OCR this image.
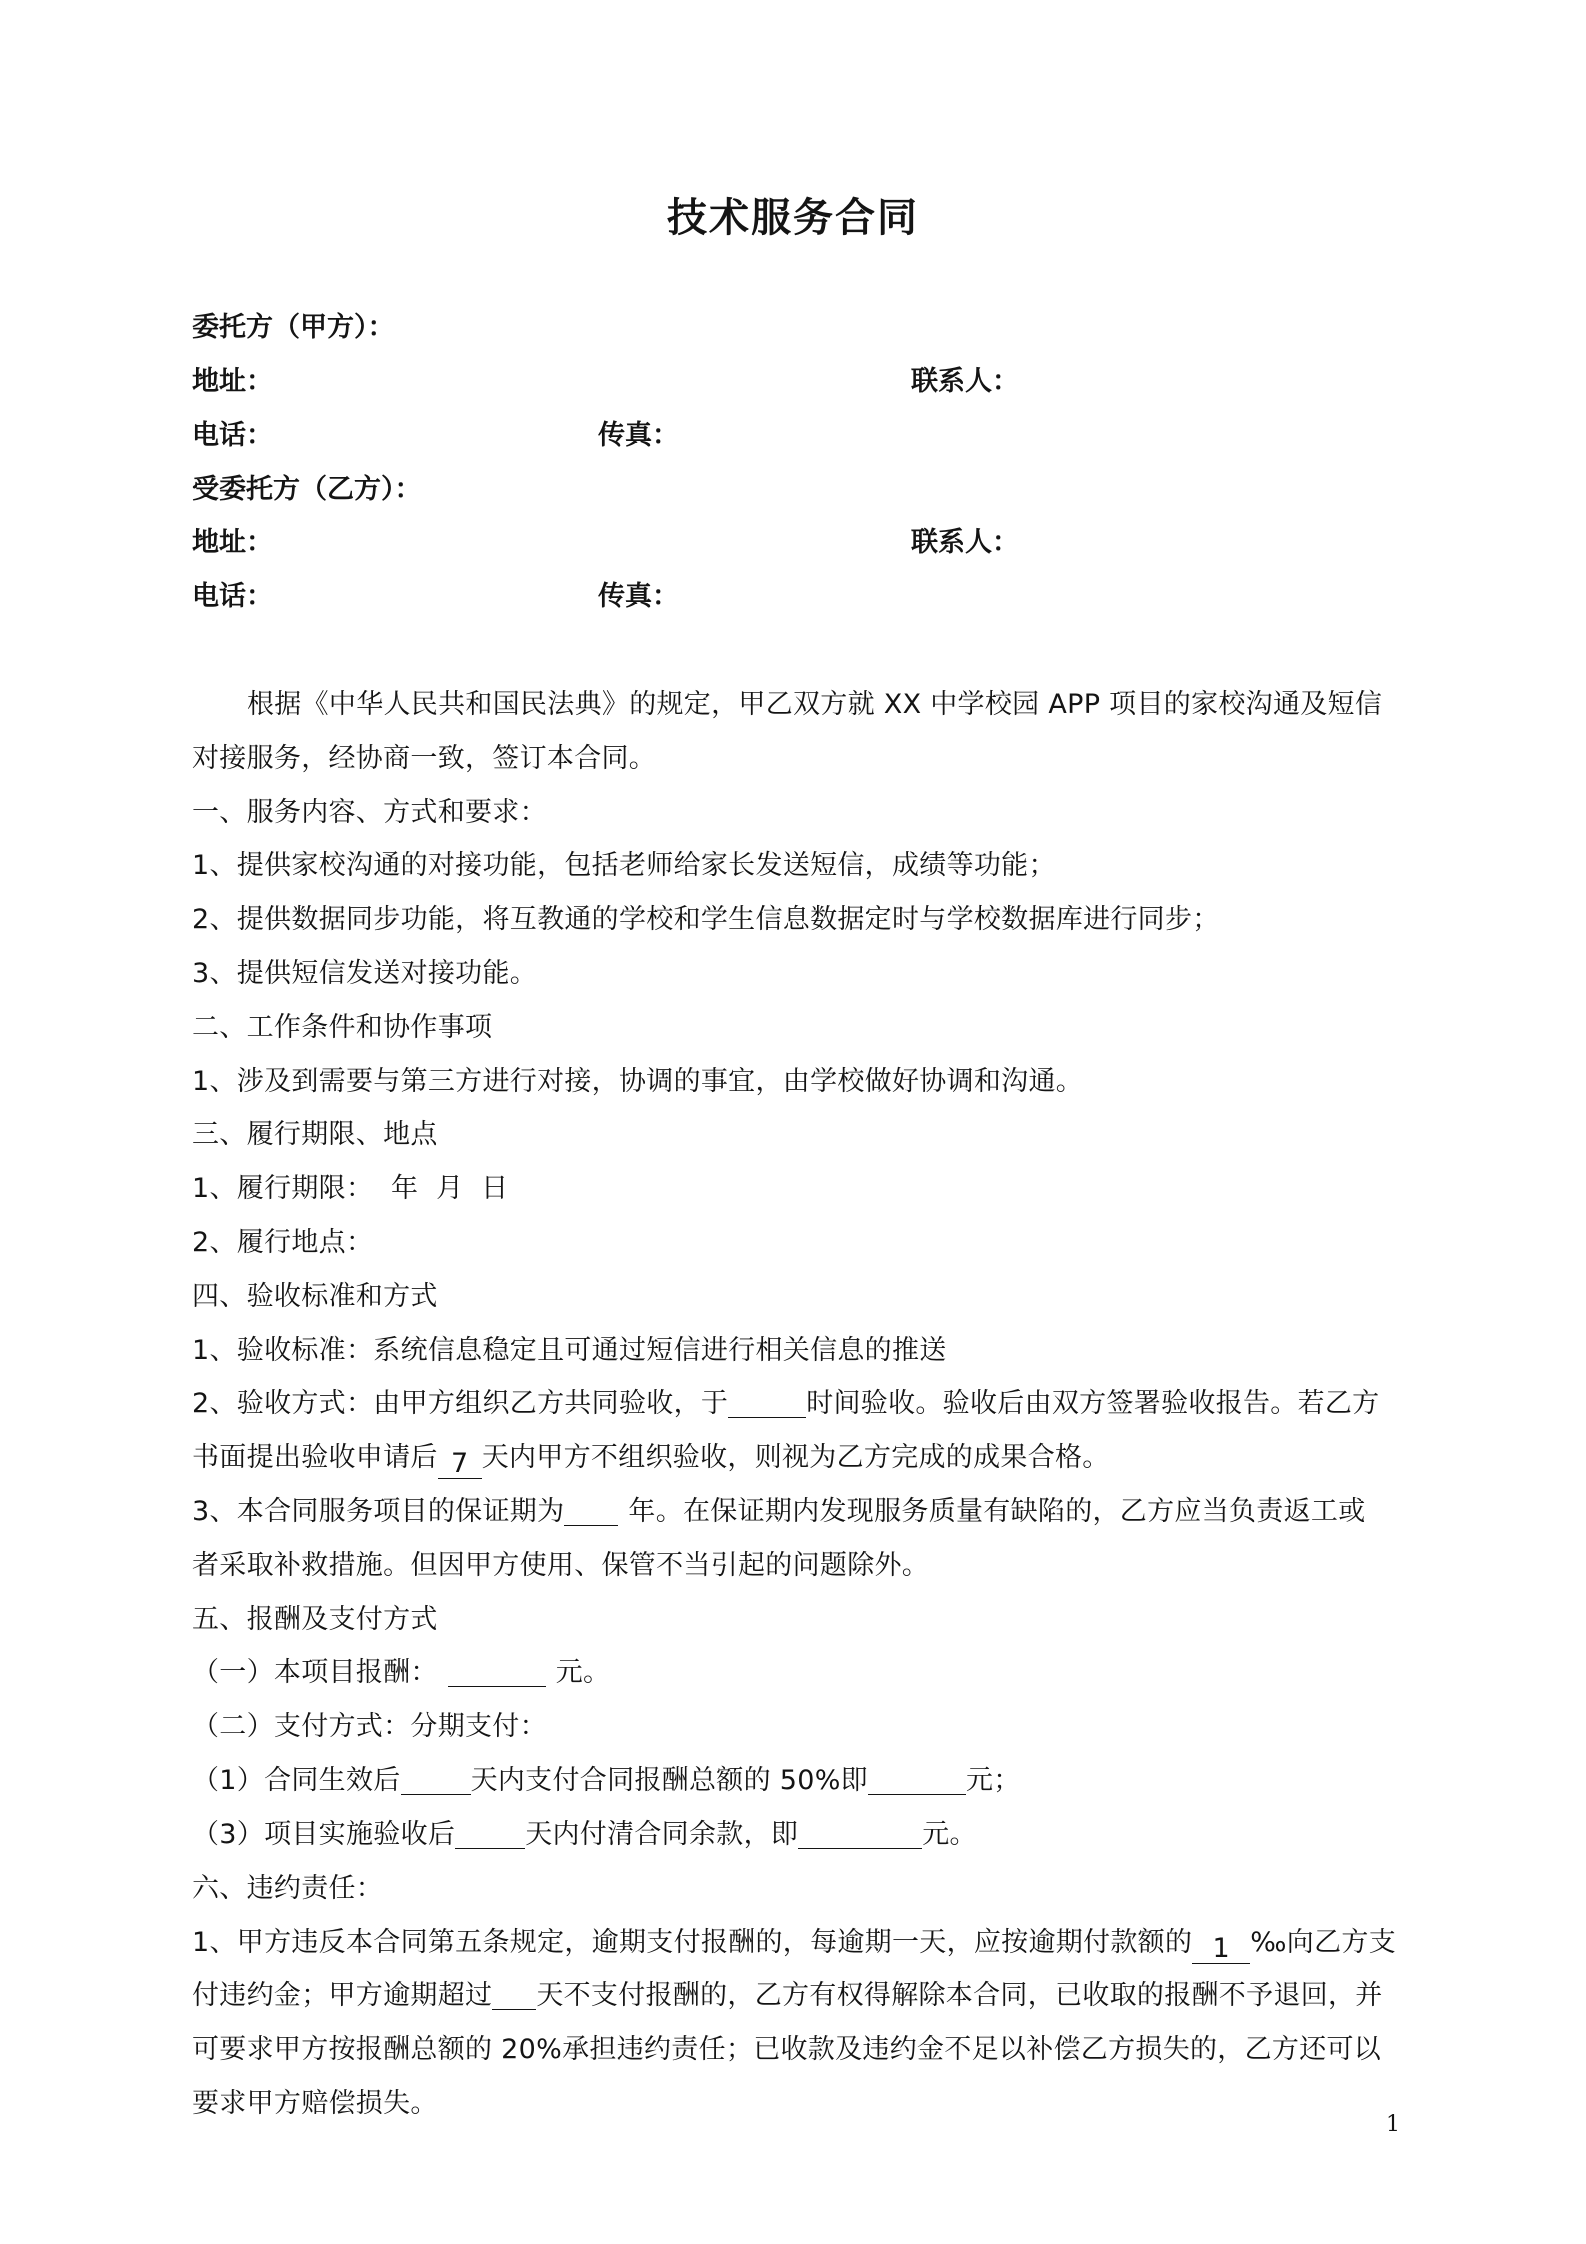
技术服务合同
委托方（甲方）：
地址：	联系人：
电话：	传真：
受委托方（乙方）：
地址：	联系人：
电话：	传真：
根据《中华人民共和国民法典》的规定，甲乙双方就 XX 中学校园 APP 项目的家校沟通及短信
对接服务，经协商一致，签订本合同。
一、服务内容、方式和要求：
1、提供家校沟通的对接功能，包括老师给家长发送短信，成绩等功能；
2、提供数据同步功能，将互教通的学校和学生信息数据定时与学校数据库进行同步；
3、提供短信发送对接功能。
二、工作条件和协作事项
1、涉及到需要与第三方进行对接，协调的事宜，由学校做好协调和沟通。
三、履行期限、地点
1、履行期限：  年  月  日
2、履行地点：
四、验收标准和方式
1、验收标准：系统信息稳定且可通过短信进行相关信息的推送
2、验收方式：由甲方组织乙方共同验收，于	时间验收。验收后由双方签署验收报告。若乙方
书面提出验收申请后 7 天内甲方不组织验收，则视为乙方完成的成果合格。
3、本合同服务项目的保证期为 年。在保证期内发现服务质量有缺陷的，乙方应当负责返工或
者采取补救措施。但因甲方使用、保管不当引起的问题除外。
五、报酬及支付方式
（一）本项目报酬：	元。
（二）支付方式：分期支付：
（1）合同生效后	天内支付合同报酬总额的 50%即	元；
（3）项目实施验收后	天内付清合同余款，即	元。
六、违约责任：
1、甲方违反本合同第五条规定，逾期支付报酬的，每逾期一天，应按逾期付款额的 1 ‰向乙方支
付违约金；甲方逾期超过 天不支付报酬的，乙方有权得解除本合同，已收取的报酬不予退回，并
可要求甲方按报酬总额的 20%承担违约责任；已收款及违约金不足以补偿乙方损失的，乙方还可以
要求甲方赔偿损失。
1
